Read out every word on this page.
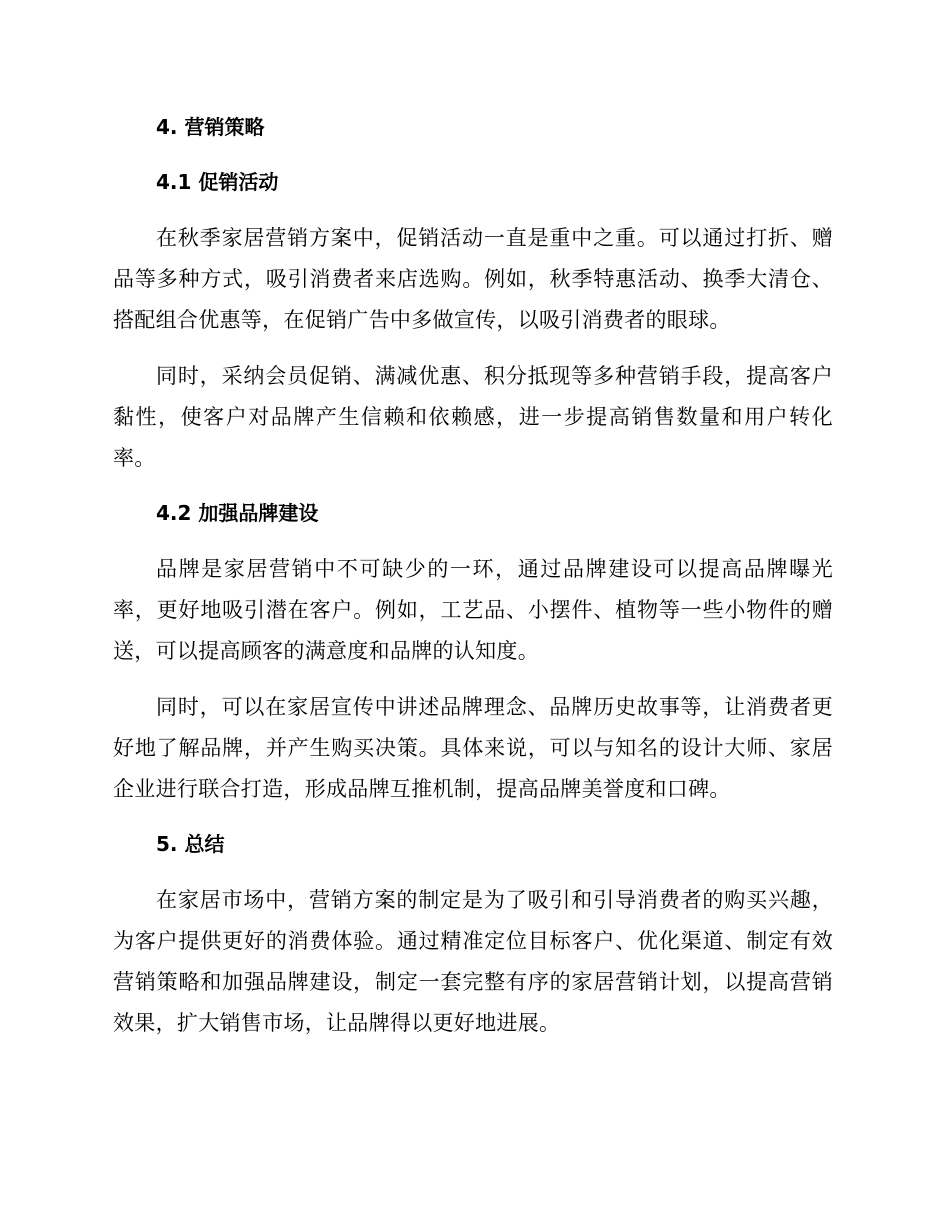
4. 营销策略
4.1 促销活动

在秋季家居营销方案中，促销活动一直是重中之重。可以通过打折、赠品等多种方式，吸引消费者来店选购。例如，秋季特惠活动、换季大清仓、搭配组合优惠等，在促销广告中多做宣传，以吸引消费者的眼球。

同时，采纳会员促销、满减优惠、积分抵现等多种营销手段，提高客户黏性，使客户对品牌产生信赖和依赖感，进一步提高销售数量和用户转化率。

4.2 加强品牌建设

品牌是家居营销中不可缺少的一环，通过品牌建设可以提高品牌曝光率，更好地吸引潜在客户。例如，工艺品、小摆件、植物等一些小物件的赠送，可以提高顾客的满意度和品牌的认知度。

同时，可以在家居宣传中讲述品牌理念、品牌历史故事等，让消费者更好地了解品牌，并产生购买决策。具体来说，可以与知名的设计大师、家居企业进行联合打造，形成品牌互推机制，提高品牌美誉度和口碑。

5. 总结

在家居市场中，营销方案的制定是为了吸引和引导消费者的购买兴趣，为客户提供更好的消费体验。通过精准定位目标客户、优化渠道、制定有效营销策略和加强品牌建设，制定一套完整有序的家居营销计划，以提高营销效果，扩大销售市场，让品牌得以更好地进展。
